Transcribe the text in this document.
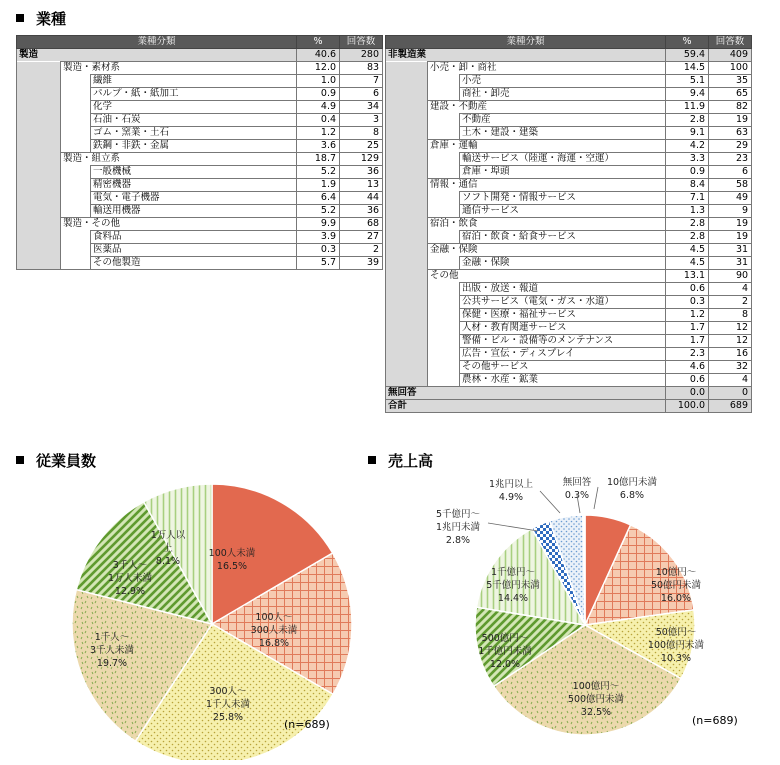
業種
業種分類			%	回答数
製造			40.6	280
	製造・素材系		12.0	83
		繊維	1.0	7
		パルプ・紙・紙加工	0.9	6
		化学	4.9	34
		石油・石炭	0.4	3
		ゴム・窯業・土石	1.2	8
		鉄鋼・非鉄・金属	3.6	25
	製造・組立系		18.7	129
		一般機械	5.2	36
		精密機器	1.9	13
		電気・電子機器	6.4	44
		輸送用機器	5.2	36
	製造・その他		9.9	68
		食料品	3.9	27
		医薬品	0.3	2
		その他製造	5.7	39
業種分類			%	回答数
非製造業			59.4	409
	小売・卸・商社		14.5	100
		小売	5.1	35
		商社・卸売	9.4	65
	建設・不動産		11.9	82
		不動産	2.8	19
		土木・建設・建築	9.1	63
	倉庫・運輸		4.2	29
		輸送サービス（陸運・海運・空運）	3.3	23
		倉庫・埠頭	0.9	6
	情報・通信		8.4	58
		ソフト開発・情報サービス	7.1	49
		通信サービス	1.3	9
	宿泊・飲食		2.8	19
		宿泊・飲食・給食サービス	2.8	19
	金融・保険		4.5	31
		金融・保険	4.5	31
	その他		13.1	90
		出版・放送・報道	0.6	4
		公共サービス（電気・ガス・水道）	0.3	2
		保健・医療・福祉サービス	1.2	8
		人材・教育関連サービス	1.7	12
		警備・ビル・設備等のメンテナンス	1.7	12
		広告・宣伝・ディスプレイ	2.3	16
		その他サービス	4.6	32
		農林・水産・鉱業	0.6	4
無回答			0.0	0
合計			100.0	689
従業員数
100人未満 16.5%
100人～ 300人未満 16.8%
300人～ 1千人未満 25.8%
1千人～ 3千人未満 19.7%
3千人～ 1万人未満 12.9%
1万人以上 8.1%
(n=689)
売上高
10億円未満 6.8%
10億円～ 50億円未満 16.0%
50億円～ 100億円未満 10.3%
100億円～ 500億円未満 32.5%
500億円～ 1千億円未満 12.0%
1千億円～ 5千億円未満 14.4%
5千億円～ 1兆円未満 2.8%
1兆円以上 4.9%
無回答 0.3%
(n=689)
